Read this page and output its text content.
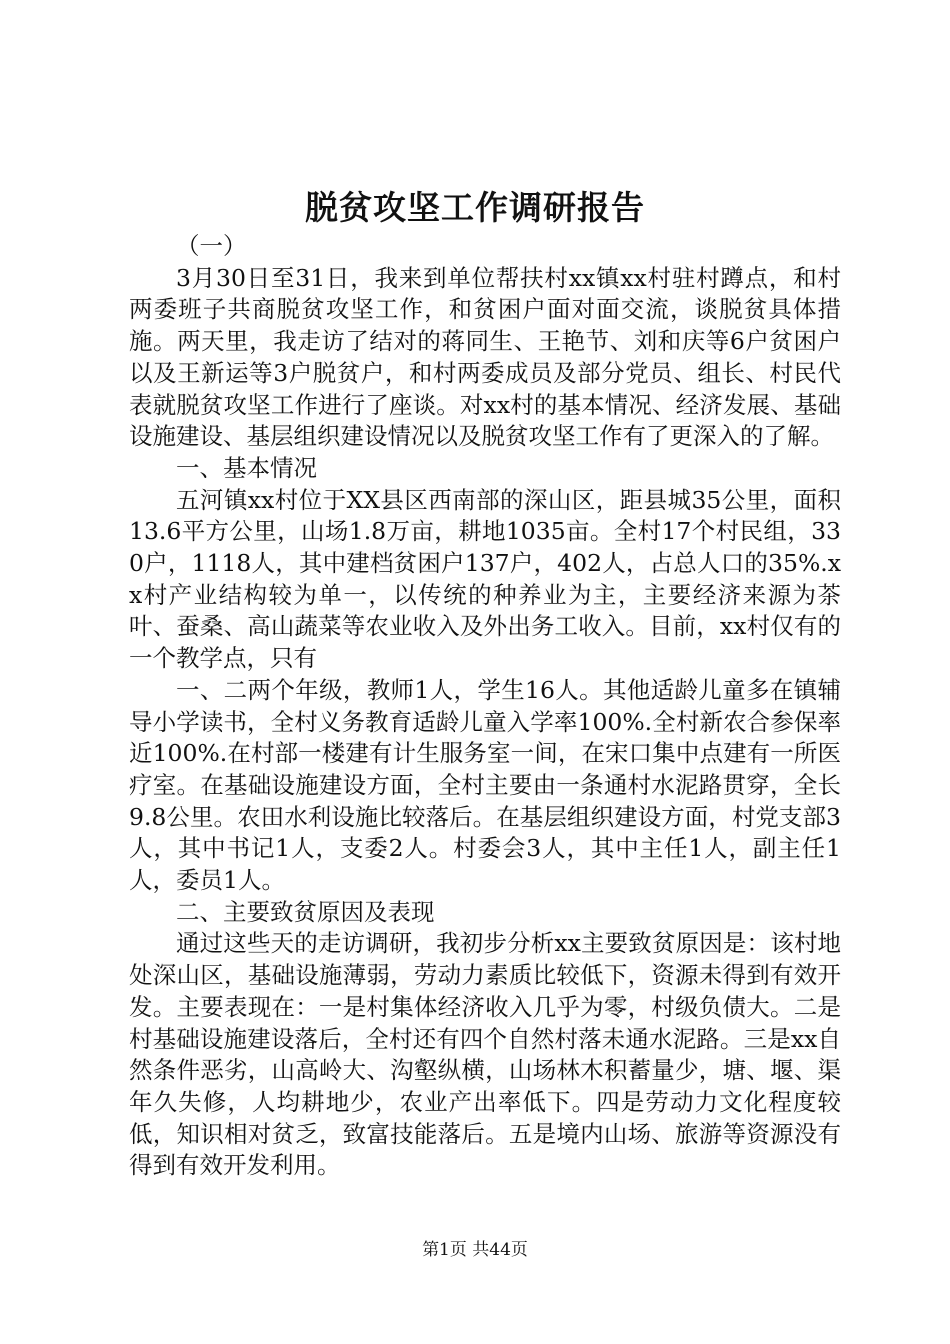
脱贫攻坚工作调研报告

（一）

3月30日至31日，我来到单位帮扶村xx镇xx村驻村蹲点，和村两委班子共商脱贫攻坚工作，和贫困户面对面交流，谈脱贫具体措施。两天里，我走访了结对的蒋同生、王艳节、刘和庆等6户贫困户以及王新运等3户脱贫户，和村两委成员及部分党员、组长、村民代表就脱贫攻坚工作进行了座谈。对xx村的基本情况、经济发展、基础设施建设、基层组织建设情况以及脱贫攻坚工作有了更深入的了解。

一、基本情况

五河镇xx村位于XX县区西南部的深山区，距县城35公里，面积13.6平方公里，山场1.8万亩，耕地1035亩。全村17个村民组，330户，1118人，其中建档贫困户137户，402人，占总人口的35%.xx村产业结构较为单一，以传统的种养业为主，主要经济来源为茶叶、蚕桑、高山蔬菜等农业收入及外出务工收入。目前，xx村仅有的一个教学点，只有

一、二两个年级，教师1人，学生16人。其他适龄儿童多在镇辅导小学读书，全村义务教育适龄儿童入学率100%.全村新农合参保率近100%.在村部一楼建有计生服务室一间，在宋口集中点建有一所医疗室。在基础设施建设方面，全村主要由一条通村水泥路贯穿，全长9.8公里。农田水利设施比较落后。在基层组织建设方面，村党支部3人，其中书记1人，支委2人。村委会3人，其中主任1人，副主任1人，委员1人。

二、主要致贫原因及表现

通过这些天的走访调研，我初步分析xx主要致贫原因是：该村地处深山区，基础设施薄弱，劳动力素质比较低下，资源未得到有效开发。主要表现在：一是村集体经济收入几乎为零，村级负债大。二是村基础设施建设落后，全村还有四个自然村落未通水泥路。三是xx自然条件恶劣，山高岭大、沟壑纵横，山场林木积蓄量少，塘、堰、渠年久失修，人均耕地少，农业产出率低下。四是劳动力文化程度较低，知识相对贫乏，致富技能落后。五是境内山场、旅游等资源没有得到有效开发利用。

第1页 共44页
